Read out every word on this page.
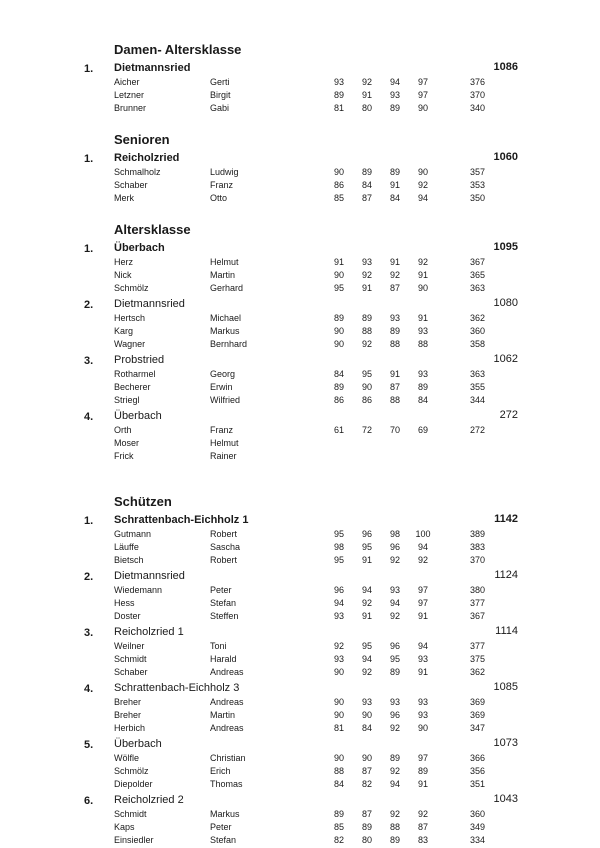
Damen- Altersklasse
1. Dietmannsried	1086
Aicher	Gerti	93	92	94	97	376
Letzner	Birgit	89	91	93	97	370
Brunner	Gabi	81	80	89	90	340
Senioren
1. Reicholzried	1060
Schmalholz	Ludwig	90	89	89	90	357
Schaber	Franz	86	84	91	92	353
Merk	Otto	85	87	84	94	350
Altersklasse
1. Überbach	1095
Herz	Helmut	91	93	91	92	367
Nick	Martin	90	92	92	91	365
Schmölz	Gerhard	95	91	87	90	363
2. Dietmannsried	1080
Hertsch	Michael	89	89	93	91	362
Karg	Markus	90	88	89	93	360
Wagner	Bernhard	90	92	88	88	358
3. Probstried	1062
Rotharmel	Georg	84	95	91	93	363
Becherer	Erwin	89	90	87	89	355
Striegl	Wilfried	86	86	88	84	344
4. Überbach	272
Orth	Franz	61	72	70	69	272
Moser	Helmut
Frick	Rainer
Schützen
1. Schrattenbach-Eichholz 1	1142
Gutmann	Robert	95	96	98	100	389
Läuffe	Sascha	98	95	96	94	383
Bietsch	Robert	95	91	92	92	370
2. Dietmannsried	1124
Wiedemann	Peter	96	94	93	97	380
Hess	Stefan	94	92	94	97	377
Doster	Steffen	93	91	92	91	367
3. Reicholzried 1	1114
Weilner	Toni	92	95	96	94	377
Schmidt	Harald	93	94	95	93	375
Schaber	Andreas	90	92	89	91	362
4. Schrattenbach-Eichholz 3	1085
Breher	Andreas	90	93	93	93	369
Breher	Martin	90	90	96	93	369
Herbich	Andreas	81	84	92	90	347
5. Überbach	1073
Wölfle	Christian	90	90	89	97	366
Schmölz	Erich	88	87	92	89	356
Diepolder	Thomas	84	82	94	91	351
6. Reicholzried 2	1043
Schmidt	Markus	89	87	92	92	360
Kaps	Peter	85	89	88	87	349
Einsiedler	Stefan	82	80	89	83	334
